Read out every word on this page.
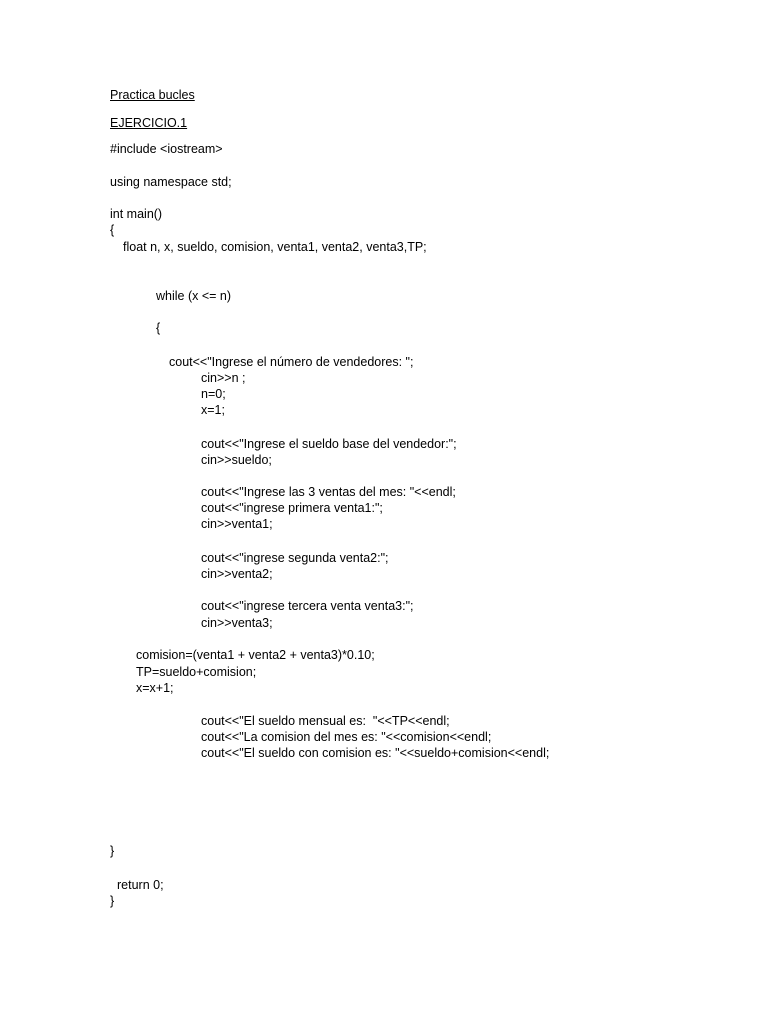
Practica bucles
EJERCICIO.1
#include <iostream>
using namespace std;
int main()
{
float n, x, sueldo, comision, venta1, venta2, venta3,TP;
while (x <= n)
{
cout<<"Ingrese el número de vendedores: ";
cin>>n ;
n=0;
x=1;
cout<<"Ingrese el sueldo base del vendedor:";
cin>>sueldo;
cout<<"Ingrese las 3 ventas del mes: "<<endl;
cout<<"ingrese primera venta1:";
cin>>venta1;
cout<<"ingrese segunda venta2:";
cin>>venta2;
cout<<"ingrese tercera venta venta3:";
cin>>venta3;
comision=(venta1 + venta2 + venta3)*0.10;
TP=sueldo+comision;
x=x+1;
cout<<"El sueldo mensual es:  "<<TP<<endl;
cout<<"La comision del mes es: "<<comision<<endl;
cout<<"El sueldo con comision es: "<<sueldo+comision<<endl;
}
return 0;
}
